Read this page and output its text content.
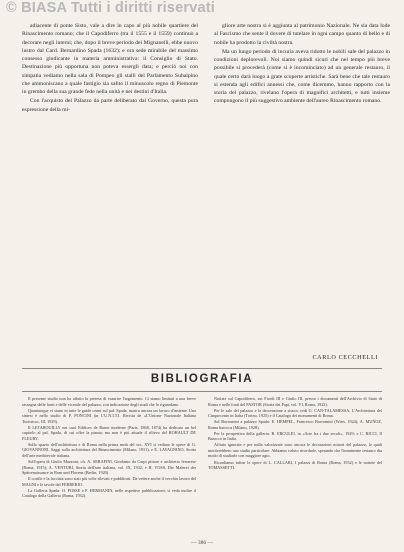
© BIASA Tutti i diritti riservati

adiacente di ponte Sisto, vale a dire in capo al più nobile quartiere del Rinascimento romano; che il Capodiferro (tra il 1555 e il 1559) continuò a decorare negli interni; che, dopo il breve periodo dei Mignanelli, ebbe nuovo lustro dal Card. Bernardino Spada (1632); e ora sede mirabile del massimo consesso giudicante in materia amministrativa: il Consiglio di Stato. Destinazione più opportuna non poteva essergli data; e perciò noi con simpatia vediamo nella sala di Pompeo gli stalli del Parlamento Subalpino che ammoniscano a quale fastigio sia salito il minuscolo regno di Piemonte in grembo della sua grande fede nella unità e nei destini d'Italia.

Con l'acquisto del Palazzo da parte deliberato dal Governo, questa pura espressione della mi-

gliore arte nostra si è aggiunta al patrimonio Nazionale. Ne sia data lode al Fascismo che sente il dovere di tutelare in ogni campo quanto di bello e di nobile ha prodotto la civiltà nostra.

Ma un lungo periodo di incuria aveva ridotto le nobili sale del palazzo in condizioni deplorevoli. Noi siamo quindi sicuri che nel tempo più breve possibile si procederà (come si è incominciato) ad un generale restauro, il quale certo darà luogo a grate scoperte artistiche. Sarà bene che tale restauro si estenda agli edifici annessi che, come dicemmo, hanno rapporto con la storia del palazzo, rivelano l'opera di magnifici architetti, e tutti insieme compongono il più suggestivo ambiente dell'aureo Rinascimento romano.

CARLO CECCHELLI
BIBLIOGRAFIA

Il presente studio non ha affatto la pretesa di esaurire l'argomento. Ci siamo limitati a una breve rassegna delle fonti e delle vicende del palazzo, con indicazione degli studi che lo riguardano.

Quantunque vi siano in tutte le guide cenni sul pal. Spada, manca ancora un lavoro d'insieme. Una sintesi è nello studio di P. PONCINI (in L'U.N.I.T.I. Rivista de «L'Unione Nazionale Italiana Turistica», III, 1929).

Il LETAROUILLY nei suoi Edifices de Rome moderne (Paris, 1868, 1874) ha dedicato un bel capitolo al pal. Spada, di cui offre la pianta; ma non è più attuale il rilievo del ROHAULT DE FLEURY.

Sullo spazio dell'architettura e di Roma nella prima metà del sec. XVI si vedano le opere di G. GIOVANNONI, Saggi sulla architettura del Rinascimento (Milano, 1931), e E. LAVAGNINO, Storia dell'arte medioevale italiana.

Sull'opera di Giulio Mazzoni, cfr. A. SERAFINI, Girolamo da Carpi pittore e architetto ferrarese (Roma, 1915); A. VENTURI, Storia dell'arte italiana, vol. IX, 1932; e H. VOSS, Die Malerei der Spätrenaissance in Rom und Florenz (Berlin, 1920).

Il cortile e la facciata sono stati più volte rilevati e pubblicati. Da vedere anche il vecchio lavoro del MAGNI e le tavole del FERRERIO.

La Galleria Spada: O. POSSE e F. HERMANIN, nelle rispettive pubblicazioni; si veda inoltre il Catalogo della Galleria (Roma, 1932).

Notizie sul Capodiferro, sui Fiordi III e Giulio III, presso i documenti dell'Archivio di Stato di Roma e nelle fonti del PASTOR (Storia dei Papi, vol. VI, Roma, 1922).

Per le sale del palazzo e la decorazione a stucco vedi G. CAN-TALAMESSA, L'Architettura del Cinquecento in Italia (Torino, 1925) e il Catalogo dei monumenti di Roma.

Sul Borromini a palazzo Spada: E. HEMPEL, Francesco Borromini (Wien, 1924); A. MUÑOZ, Roma barocca (Milano, 1928).

Per la prospettiva della galleria: R. ERCULEI, in «Arte fra i due secoli», 1929; e C. RICCI, Il Barocco in Italia.

Affatto ignorate e per nulla valorizzate sono ancora le decorazioni minori del palazzo, le quali meriterebbero uno studio particolare. Abbiamo voluto ricordarle, sperando che l'imminente restauro dia modo di studiarle con maggiore agio.

Ricordiamo infine le opere di L. CALLARI, I palazzi di Roma (Roma, 1932) e le notizie del TOMASSETTI.

— 386 —
